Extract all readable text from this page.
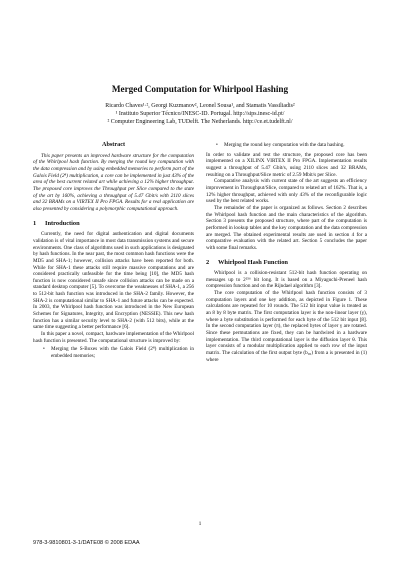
Merged Computation for Whirlpool Hashing
Ricardo Chaves¹·², Georgi Kuzmanov², Leonel Sousa¹, and Stamatis Vassiliadis²
¹ Instituto Superior Técnico/INESC-ID. Portugal. http://sips.inesc-id.pt/
² Computer Engineering Lab, TUDelft. The Netherlands. http://ce.et.tudelft.nl/
Abstract

This paper presents an improved hardware structure for the computation of the Whirlpool hash function. By merging the round key computation with the data compression and by using embedded memories to perform part of the Galois Field (2⁸) multiplication, a core can be implemented in just 43% of the area of the best current related art while achieving a 12% higher throughput. The proposed core improves the Throughput per Slice compared to the state of the art by 160%, achieving a throughput of 5.47 Gbit/s with 2110 slices and 32 BRAMs on a VIRTEX II Pro FPGA. Results for a real application are also presented by considering a polymorphic computational approach.

1 Introduction

Currently, the need for digital authentication and digital documents validation is of vital importance in most data transmission systems and secure environments. One class of algorithms used in such applications is designated by hash functions. In the near past, the most common hash functions were the MD5 and SHA-1; however, collision attacks have been reported for both. While for SHA-1 these attacks still require massive computations and are considered practically unfeasible for the time being [10], the MD5 hash function is now considered unsafe since collision attacks can be made on a standard desktop computer [5]. To overcome the weaknesses of SHA-1, a 256 to 512-bit hash function was introduced in the SHA-2 family. However, the SHA-2 is computational similar to SHA-1 and future attacks can be expected. In 2003, the Whirlpool hash function was introduced in the New European Schemes for Signatures, Integrity, and Encryption (NESSIE). This new hash function has a similar security level to SHA-2 (with 512 bits), while at the same time suggesting a better performance [6].

In this paper a novel, compact, hardware implementation of the Whirlpool hash function is presented. The computational structure is improved by:

• Merging the S-Boxes with the Galois Field (2⁸) multiplication in embedded memories;
• Merging the round key computation with the data hashing.

In order to validate and test the structure, the proposed core has been implemented on a XILINX VIRTEX II Pro FPGA. Implementation results suggest a throughput of 5.47 Gbit/s, using 2110 slices and 32 BRAMs, resulting on a Throughput/Slice metric of 2.59 Mbit/s per Slice.

Comparative analysis with current state of the art suggests an efficiency improvement in Throughput/Slice, compared to related art of 162%. That is, a 12% higher throughput, achieved with only 43% of the reconfigurable logic used by the best related works.

The remainder of the paper is organized as follows. Section 2 describes the Whirlpool hash function and the main characteristics of the algorithm. Section 3 presents the proposed structure, where part of the computation is performed in lookup tables and the key computation and the data compression are merged. The obtained experimental results are used in section 4 for a comparative evaluation with the related art. Section 5 concludes the paper with some final remarks.

2 Whirlpool Hash Function

Whirlpool is a collision-resistant 512-bit hash function operating on messages up to 2²⁵⁶ bit long. It is based on a Miyaguchi-Preneel hash compression function and on the Rijndael algorithm [3].

The core computation of the Whirlpool hash function consists of 3 computation layers and one key addition, as depicted in Figure 1. These calculations are repeated for 10 rounds. The 512 bit input value is treated as an 8 by 8 byte matrix. The first computation layer is the non-linear layer (γ), where a byte substitution is performed for each byte of the 512 bit input [8]. In the second computation layer (π), the replaced bytes of layer γ are rotated. Since these permutations are fixed, they can be hardwired in a hardware implementation. The third computational layer is the diffusion layer θ. This layer consists of a modular multiplication applied to each row of the input matrix. The calculation of the first output byte (b₀₀) from a is presented in (1) where

1
978-3-9810801-3-1/DATE08 © 2008 EDAA
